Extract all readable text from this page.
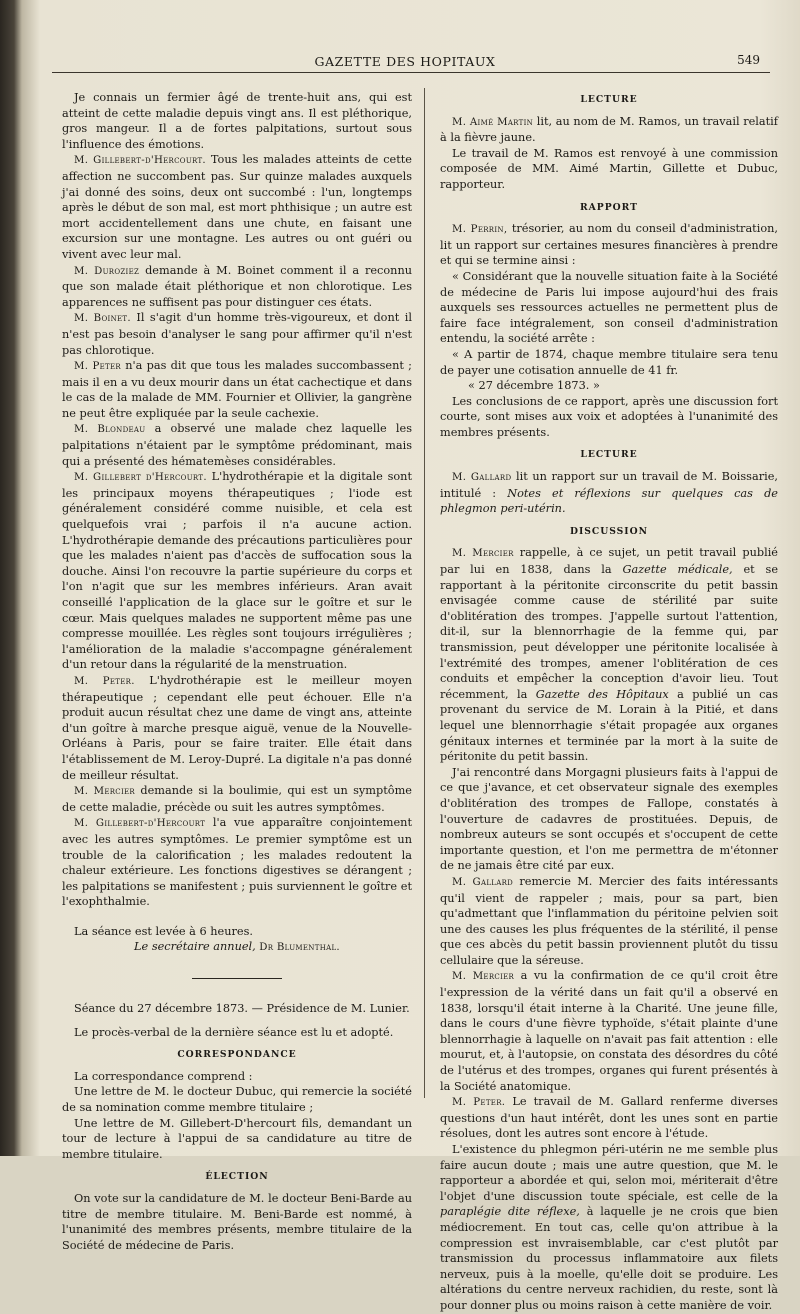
GAZETTE DES HOPITAUX	549

Je connais un fermier âgé de trente-huit ans, qui est atteint de cette maladie depuis vingt ans. Il est pléthorique, gros mangeur. Il a de fortes palpitations, surtout sous l'influence des émotions.

M. Gillebert-d'Hercourt. Tous les malades atteints de cette affection ne succombent pas. Sur quinze malades auxquels j'ai donné des soins, deux ont succombé : l'un, longtemps après le début de son mal, est mort phthisique ; un autre est mort accidentellement dans une chute, en faisant une excursion sur une montagne. Les autres ou ont guéri ou vivent avec leur mal.

M. Duroziez demande à M. Boinet comment il a reconnu que son malade était pléthorique et non chlorotique. Les apparences ne suffisent pas pour distinguer ces états.

M. Boinet. Il s'agit d'un homme très-vigoureux, et dont il n'est pas besoin d'analyser le sang pour affirmer qu'il n'est pas chlorotique.

M. Peter n'a pas dit que tous les malades succombassent ; mais il en a vu deux mourir dans un état cachectique et dans le cas de la malade de MM. Fournier et Ollivier, la gangrène ne peut être expliquée par la seule cachexie.

M. Blondeau a observé une malade chez laquelle les palpitations n'étaient par le symptôme prédominant, mais qui a présenté des hématemèses considérables.

M. Gillebert d'Hercourt. L'hydrothérapie et la digitale sont les principaux moyens thérapeutiques ; l'iode est généralement considéré comme nuisible, et cela est quelquefois vrai ; parfois il n'a aucune action. L'hydrothérapie demande des précautions particulières pour que les malades n'aient pas d'accès de suffocation sous la douche. Ainsi l'on recouvre la partie supérieure du corps et l'on n'agit que sur les membres inférieurs. Aran avait conseillé l'application de la glace sur le goître et sur le cœur. Mais quelques malades ne supportent même pas une compresse mouillée. Les règles sont toujours irrégulières ; l'amélioration de la maladie s'accompagne généralement d'un retour dans la régularité de la menstruation.

M. Peter. L'hydrothérapie est le meilleur moyen thérapeutique ; cependant elle peut échouer. Elle n'a produit aucun résultat chez une dame de vingt ans, atteinte d'un goître à marche presque aiguë, venue de la Nouvelle-Orléans à Paris, pour se faire traiter. Elle était dans l'établissement de M. Leroy-Dupré. La digitale n'a pas donné de meilleur résultat.

M. Mercier demande si la boulimie, qui est un symptôme de cette maladie, précède ou suit les autres symptômes.

M. Gillebert-d'Hercourt l'a vue apparaître conjointement avec les autres symptômes. Le premier symptôme est un trouble de la calorification ; les malades redoutent la chaleur extérieure. Les fonctions digestives se dérangent ; les palpitations se manifestent ; puis surviennent le goître et l'exophthalmie.

La séance est levée à 6 heures.

Le secrétaire annuel, Dr Blumenthal.

Séance du 27 décembre 1873. — Présidence de M. Lunier.

Le procès-verbal de la dernière séance est lu et adopté.

CORRESPONDANCE

La correspondance comprend :

Une lettre de M. le docteur Dubuc, qui remercie la société de sa nomination comme membre titulaire ;

Une lettre de M. Gillebert-D'hercourt fils, demandant un tour de lecture à l'appui de sa candidature au titre de membre titulaire.

ÉLECTION

On vote sur la candidature de M. le docteur Beni-Barde au titre de membre titulaire. M. Beni-Barde est nommé, à l'unanimité des membres présents, membre titulaire de la Société de médecine de Paris.

LECTURE

M. Aimé Martin lit, au nom de M. Ramos, un travail relatif à la fièvre jaune.

Le travail de M. Ramos est renvoyé à une commission composée de MM. Aimé Martin, Gillette et Dubuc, rapporteur.

RAPPORT

M. Perrin, trésorier, au nom du conseil d'administration, lit un rapport sur certaines mesures financières à prendre et qui se termine ainsi :

« Considérant que la nouvelle situation faite à la Société de médecine de Paris lui impose aujourd'hui des frais auxquels ses ressources actuelles ne permettent plus de faire face intégralement, son conseil d'administration entendu, la société arrête :

« A partir de 1874, chaque membre titulaire sera tenu de payer une cotisation annuelle de 41 fr.

« 27 décembre 1873. »

Les conclusions de ce rapport, après une discussion fort courte, sont mises aux voix et adoptées à l'unanimité des membres présents.

LECTURE

M. Gallard lit un rapport sur un travail de M. Boissarie, intitulé : Notes et réflexions sur quelques cas de phlegmon peri-utérin.

DISCUSSION

M. Mercier rappelle, à ce sujet, un petit travail publié par lui en 1838, dans la Gazette médicale, et se rapportant à la péritonite circonscrite du petit bassin envisagée comme cause de stérilité par suite d'oblitération des trompes. J'appelle surtout l'attention, dit-il, sur la blennorrhagie de la femme qui, par transmission, peut développer une péritonite localisée à l'extrémité des trompes, amener l'oblitération de ces conduits et empêcher la conception d'avoir lieu. Tout récemment, la Gazette des Hôpitaux a publié un cas provenant du service de M. Lorain à la Pitié, et dans lequel une blennorrhagie s'était propagée aux organes génitaux internes et terminée par la mort à la suite de péritonite du petit bassin.

J'ai rencontré dans Morgagni plusieurs faits à l'appui de ce que j'avance, et cet observateur signale des exemples d'oblitération des trompes de Fallope, constatés à l'ouverture de cadavres de prostituées. Depuis, de nombreux auteurs se sont occupés et s'occupent de cette importante question, et l'on me permettra de m'étonner de ne jamais être cité par eux.

M. Gallard remercie M. Mercier des faits intéressants qu'il vient de rappeler ; mais, pour sa part, bien qu'admettant que l'inflammation du péritoine pelvien soit une des causes les plus fréquentes de la stérilité, il pense que ces abcès du petit bassin proviennent plutôt du tissu cellulaire que la séreuse.

M. Mercier a vu la confirmation de ce qu'il croit être l'expression de la vérité dans un fait qu'il a observé en 1838, lorsqu'il était interne à la Charité. Une jeune fille, dans le cours d'une fièvre typhoïde, s'était plainte d'une blennorrhagie à laquelle on n'avait pas fait attention : elle mourut, et, à l'autopsie, on constata des désordres du côté de l'utérus et des trompes, organes qui furent présentés à la Société anatomique.

M. Peter. Le travail de M. Gallard renferme diverses questions d'un haut intérêt, dont les unes sont en partie résolues, dont les autres sont encore à l'étude.

L'existence du phlegmon péri-utérin ne me semble plus faire aucun doute ; mais une autre question, que M. le rapporteur a abordée et qui, selon moi, mériterait d'être l'objet d'une discussion toute spéciale, est celle de la paraplégie dite réflexe, à laquelle je ne crois que bien médiocrement. En tout cas, celle qu'on attribue à la compression est invraisemblable, car c'est plutôt par transmission du processus inflammatoire aux filets nerveux, puis à la moelle, qu'elle doit se produire. Les altérations du centre nerveux rachidien, du reste, sont là pour donner plus ou moins raison à cette manière de voir.
